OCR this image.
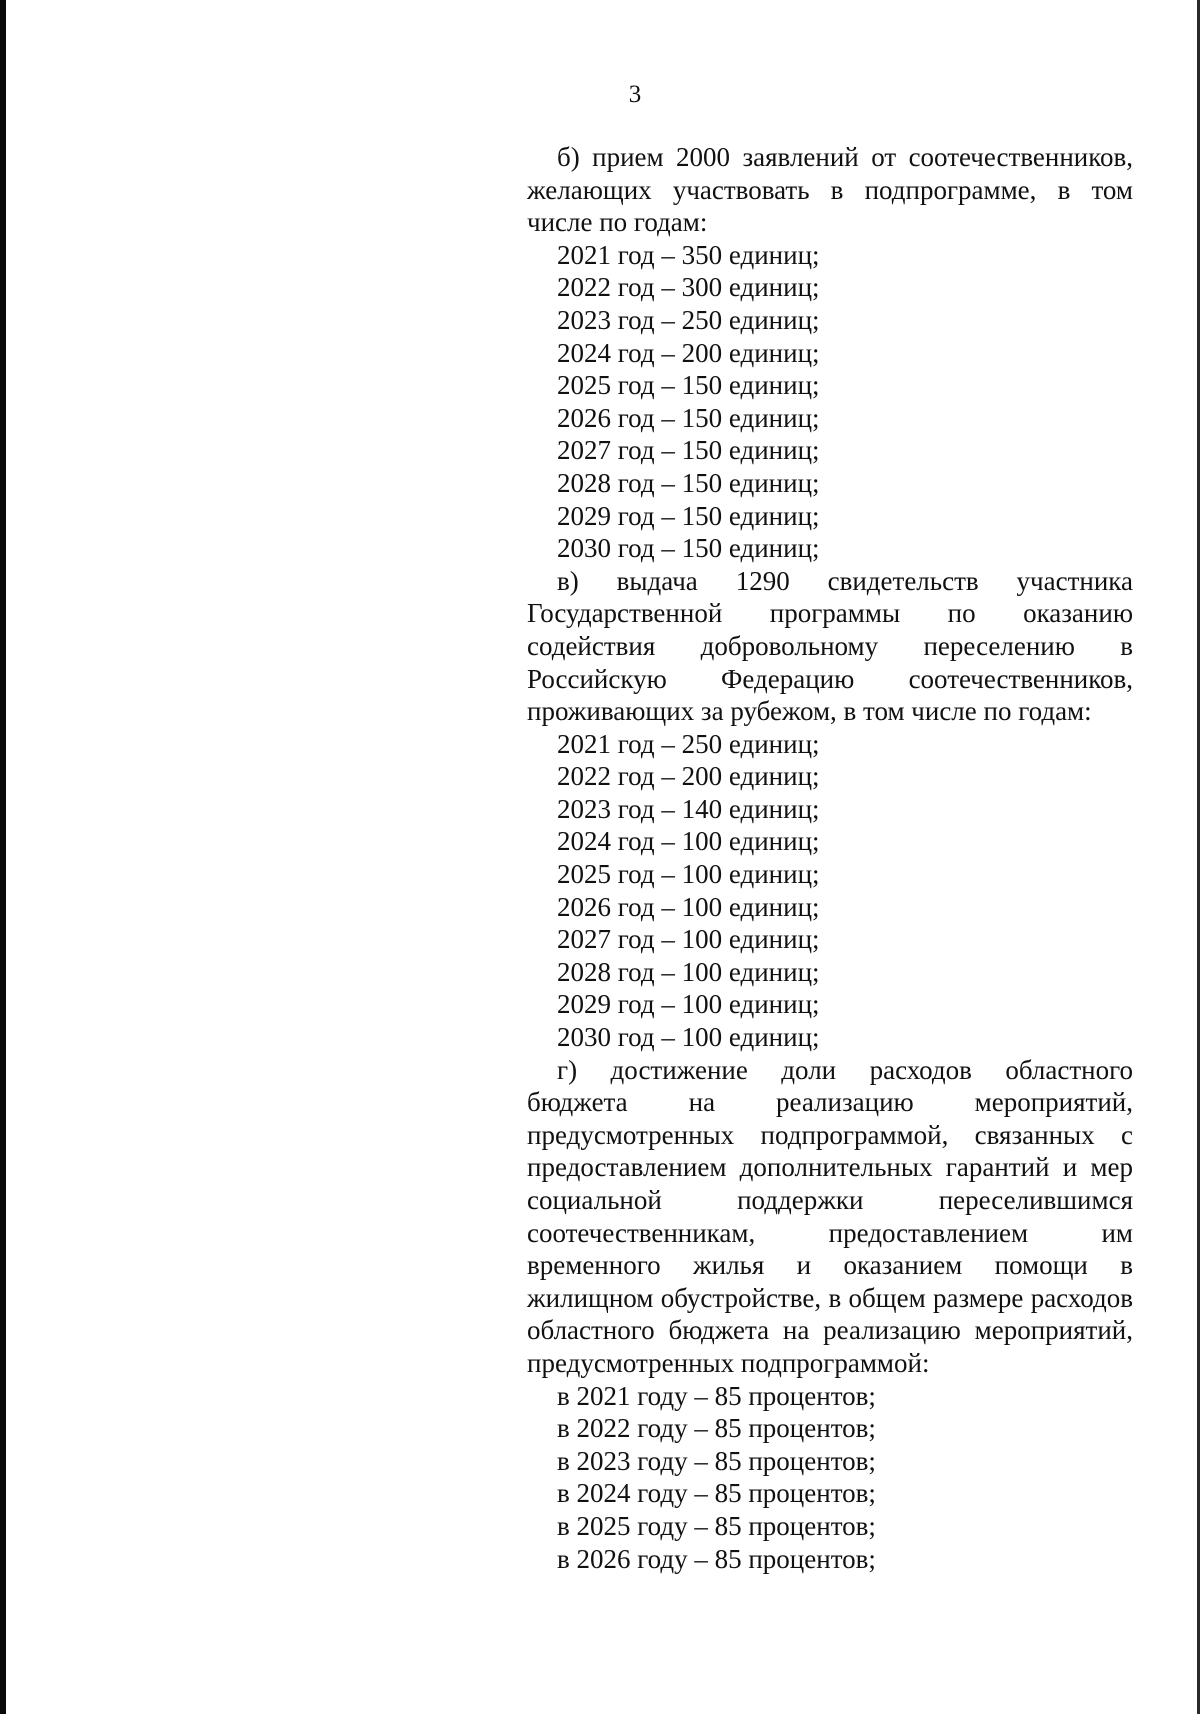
3

б) прием 2000 заявлений от соотечественников, желающих участвовать в подпрограмме, в том числе по годам:

2021 год – 350 единиц;
2022 год – 300 единиц;
2023 год – 250 единиц;
2024 год – 200 единиц;
2025 год – 150 единиц;
2026 год – 150 единиц;
2027 год – 150 единиц;
2028 год – 150 единиц;
2029 год – 150 единиц;
2030 год – 150 единиц;

в) выдача 1290 свидетельств участника Государственной программы по оказанию содействия добровольному переселению в Российскую Федерацию соотечественников, проживающих за рубежом, в том числе по годам:

2021 год – 250 единиц;
2022 год – 200 единиц;
2023 год – 140 единиц;
2024 год – 100 единиц;
2025 год – 100 единиц;
2026 год – 100 единиц;
2027 год – 100 единиц;
2028 год – 100 единиц;
2029 год – 100 единиц;
2030 год – 100 единиц;

г) достижение доли расходов областного бюджета на реализацию мероприятий, предусмотренных подпрограммой, связанных с предоставлением дополнительных гарантий и мер социальной поддержки переселившимся соотечественникам, предоставлением им временного жилья и оказанием помощи в жилищном обустройстве, в общем размере расходов областного бюджета на реализацию мероприятий, предусмотренных подпрограммой:

в 2021 году – 85 процентов;
в 2022 году – 85 процентов;
в 2023 году – 85 процентов;
в 2024 году – 85 процентов;
в 2025 году – 85 процентов;
в 2026 году – 85 процентов;
